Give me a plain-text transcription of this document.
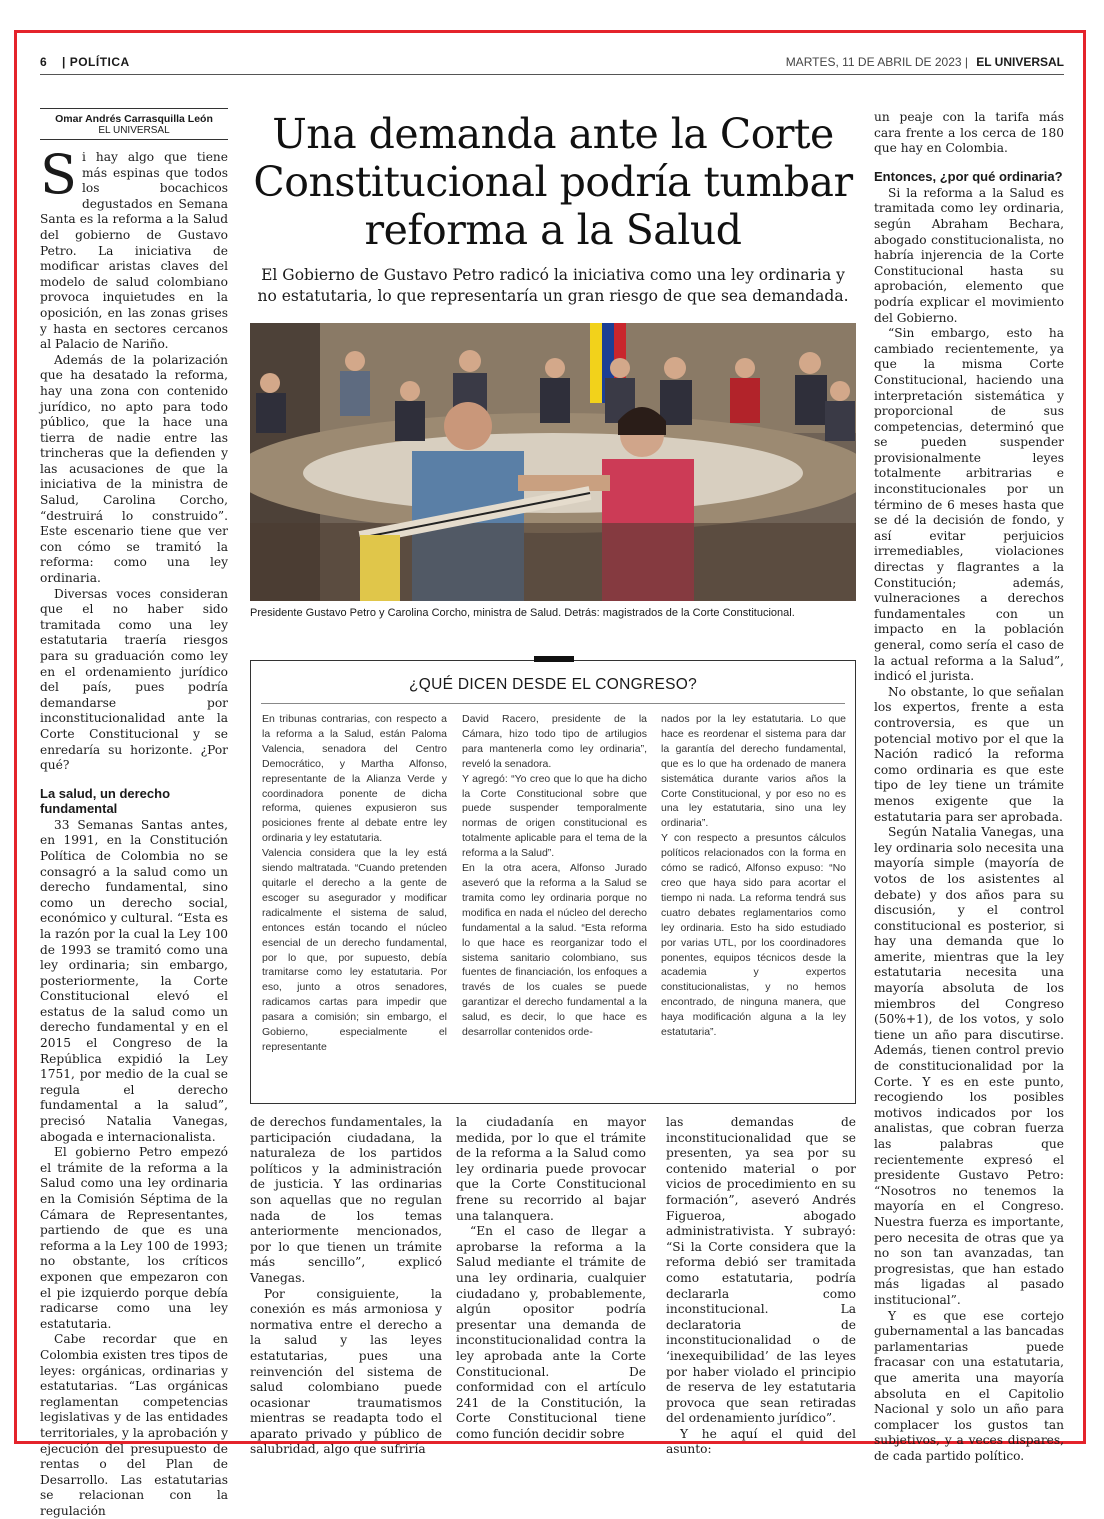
6 | POLÍTICA	MARTES, 11 DE ABRIL DE 2023 | EL UNIVERSAL
Omar Andrés Carrasquilla León
EL UNIVERSAL

Si hay algo que tiene más espinas que todos los bocachicos degustados en Semana Santa es la reforma a la Salud del gobierno de Gustavo Petro. La iniciativa de modificar aristas claves del modelo de salud colombiano provoca inquietudes en la oposición, en las zonas grises y hasta en sectores cercanos al Palacio de Nariño.

Además de la polarización que ha desatado la reforma, hay una zona con contenido jurídico, no apto para todo público, que la hace una tierra de nadie entre las trincheras que la defienden y las acusaciones de que la iniciativa de la ministra de Salud, Carolina Corcho, “destruirá lo construido”. Este escenario tiene que ver con cómo se tramitó la reforma: como una ley ordinaria.

Diversas voces consideran que el no haber sido tramitada como una ley estatutaria traería riesgos para su graduación como ley en el ordenamiento jurídico del país, pues podría demandarse por inconstitucionalidad ante la Corte Constitucional y se enredaría su horizonte. ¿Por qué?

La salud, un derecho fundamental

33 Semanas Santas antes, en 1991, en la Constitución Política de Colombia no se consagró a la salud como un derecho fundamental, sino como un derecho social, económico y cultural. “Esta es la razón por la cual la Ley 100 de 1993 se tramitó como una ley ordinaria; sin embargo, posteriormente, la Corte Constitucional elevó el estatus de la salud como un derecho fundamental y en el 2015 el Congreso de la República expidió la Ley 1751, por medio de la cual se regula el derecho fundamental a la salud”, precisó Natalia Vanegas, abogada e internacionalista.

El gobierno Petro empezó el trámite de la reforma a la Salud como una ley ordinaria en la Comisión Séptima de la Cámara de Representantes, partiendo de que es una reforma a la Ley 100 de 1993; no obstante, los críticos exponen que empezaron con el pie izquierdo porque debía radicarse como una ley estatutaria.

Cabe recordar que en Colombia existen tres tipos de leyes: orgánicas, ordinarias y estatutarias. “Las orgánicas reglamentan competencias legislativas y de las entidades territoriales, y la aprobación y ejecución del presupuesto de rentas o del Plan de Desarrollo. Las estatutarias se relacionan con la regulación

Una demanda ante la Corte Constitucional podría tumbar reforma a la Salud
El Gobierno de Gustavo Petro radicó la iniciativa como una ley ordinaria y no estatutaria, lo que representaría un gran riesgo de que sea demandada.
Presidente Gustavo Petro y Carolina Corcho, ministra de Salud. Detrás: magistrados de la Corte Constitucional.
¿QUÉ DICEN DESDE EL CONGRESO?

En tribunas contrarias, con respecto a la reforma a la Salud, están Paloma Valencia, senadora del Centro Democrático, y Martha Alfonso, representante de la Alianza Verde y coordinadora ponente de dicha reforma, quienes expusieron sus posiciones frente al debate entre ley ordinaria y ley estatutaria.

Valencia considera que la ley está siendo maltratada. “Cuando pretenden quitarle el derecho a la gente de escoger su asegurador y modificar radicalmente el sistema de salud, entonces están tocando el núcleo esencial de un derecho fundamental, por lo que, por supuesto, debía tramitarse como ley estatutaria. Por eso, junto a otros senadores, radicamos cartas para impedir que pasara a comisión; sin embargo, el Gobierno, especialmente el representante

David Racero, presidente de la Cámara, hizo todo tipo de artilugios para mantenerla como ley ordinaria”, reveló la senadora.

Y agregó: “Yo creo que lo que ha dicho la Corte Constitucional sobre que puede suspender temporalmente normas de origen constitucional es totalmente aplicable para el tema de la reforma a la Salud”.

En la otra acera, Alfonso Jurado aseveró que la reforma a la Salud se tramita como ley ordinaria porque no modifica en nada el núcleo del derecho fundamental a la salud. “Esta reforma lo que hace es reorganizar todo el sistema sanitario colombiano, sus fuentes de financiación, los enfoques a través de los cuales se puede garantizar el derecho fundamental a la salud, es decir, lo que hace es desarrollar contenidos orde-

nados por la ley estatutaria. Lo que hace es reordenar el sistema para dar la garantía del derecho fundamental, que es lo que ha ordenado de manera sistemática durante varios años la Corte Constitucional, y por eso no es una ley estatutaria, sino una ley ordinaria”.

Y con respecto a presuntos cálculos políticos relacionados con la forma en cómo se radicó, Alfonso expuso: “No creo que haya sido para acortar el tiempo ni nada. La reforma tendrá sus cuatro debates reglamentarios como ley ordinaria. Esto ha sido estudiado por varias UTL, por los coordinadores ponentes, equipos técnicos desde la academia y expertos constitucionalistas, y no hemos encontrado, de ninguna manera, que haya modificación alguna a la ley estatutaria”.

de derechos fundamentales, la participación ciudadana, la naturaleza de los partidos políticos y la administración de justicia. Y las ordinarias son aquellas que no regulan nada de los temas anteriormente mencionados, por lo que tienen un trámite más sencillo”, explicó Vanegas.

Por consiguiente, la conexión es más armoniosa y normativa entre el derecho a la salud y las leyes estatutarias, pues una reinvención del sistema de salud colombiano puede ocasionar traumatismos mientras se readapta todo el aparato privado y público de salubridad, algo que sufriría

la ciudadanía en mayor medida, por lo que el trámite de la reforma a la Salud como ley ordinaria puede provocar que la Corte Constitucional frene su recorrido al bajar una talanquera.

“En el caso de llegar a aprobarse la reforma a la Salud mediante el trámite de una ley ordinaria, cualquier ciudadano y, probablemente, algún opositor podría presentar una demanda de inconstitucionalidad contra la ley aprobada ante la Corte Constitucional. De conformidad con el artículo 241 de la Constitución, la Corte Constitucional tiene como función decidir sobre

las demandas de inconstitucionalidad que se presenten, ya sea por su contenido material o por vicios de procedimiento en su formación”, aseveró Andrés Figueroa, abogado administrativista. Y subrayó: “Si la Corte considera que la reforma debió ser tramitada como estatutaria, podría declararla como inconstitucional. La declaratoria de inconstitucionalidad o de ‘inexequibilidad’ de las leyes por haber violado el principio de reserva de ley estatutaria provoca que sean retiradas del ordenamiento jurídico”.

Y he aquí el quid del asunto:

un peaje con la tarifa más cara frente a los cerca de 180 que hay en Colombia.

Entonces, ¿por qué ordinaria?

Si la reforma a la Salud es tramitada como ley ordinaria, según Abraham Bechara, abogado constitucionalista, no habría injerencia de la Corte Constitucional hasta su aprobación, elemento que podría explicar el movimiento del Gobierno.

“Sin embargo, esto ha cambiado recientemente, ya que la misma Corte Constitucional, haciendo una interpretación sistemática y proporcional de sus competencias, determinó que se pueden suspender provisionalmente leyes totalmente arbitrarias e inconstitucionales por un término de 6 meses hasta que se dé la decisión de fondo, y así evitar perjuicios irremediables, violaciones directas y flagrantes a la Constitución; además, vulneraciones a derechos fundamentales con un impacto en la población general, como sería el caso de la actual reforma a la Salud”, indicó el jurista.

No obstante, lo que señalan los expertos, frente a esta controversia, es que un potencial motivo por el que la Nación radicó la reforma como ordinaria es que este tipo de ley tiene un trámite menos exigente que la estatutaria para ser aprobada.

Según Natalia Vanegas, una ley ordinaria solo necesita una mayoría simple (mayoría de votos de los asistentes al debate) y dos años para su discusión, y el control constitucional es posterior, si hay una demanda que lo amerite, mientras que la ley estatutaria necesita una mayoría absoluta de los miembros del Congreso (50%+1), de los votos, y solo tiene un año para discutirse. Además, tienen control previo de constitucionalidad por la Corte. Y es en este punto, recogiendo los posibles motivos indicados por los analistas, que cobran fuerza las palabras que recientemente expresó el presidente Gustavo Petro: “Nosotros no tenemos la mayoría en el Congreso. Nuestra fuerza es importante, pero necesita de otras que ya no son tan avanzadas, tan progresistas, que han estado más ligadas al pasado institucional”.

Y es que ese cortejo gubernamental a las bancadas parlamentarias puede fracasar con una estatutaria, que amerita una mayoría absoluta en el Capitolio Nacional y solo un año para complacer los gustos tan subjetivos, y a veces dispares, de cada partido político.
